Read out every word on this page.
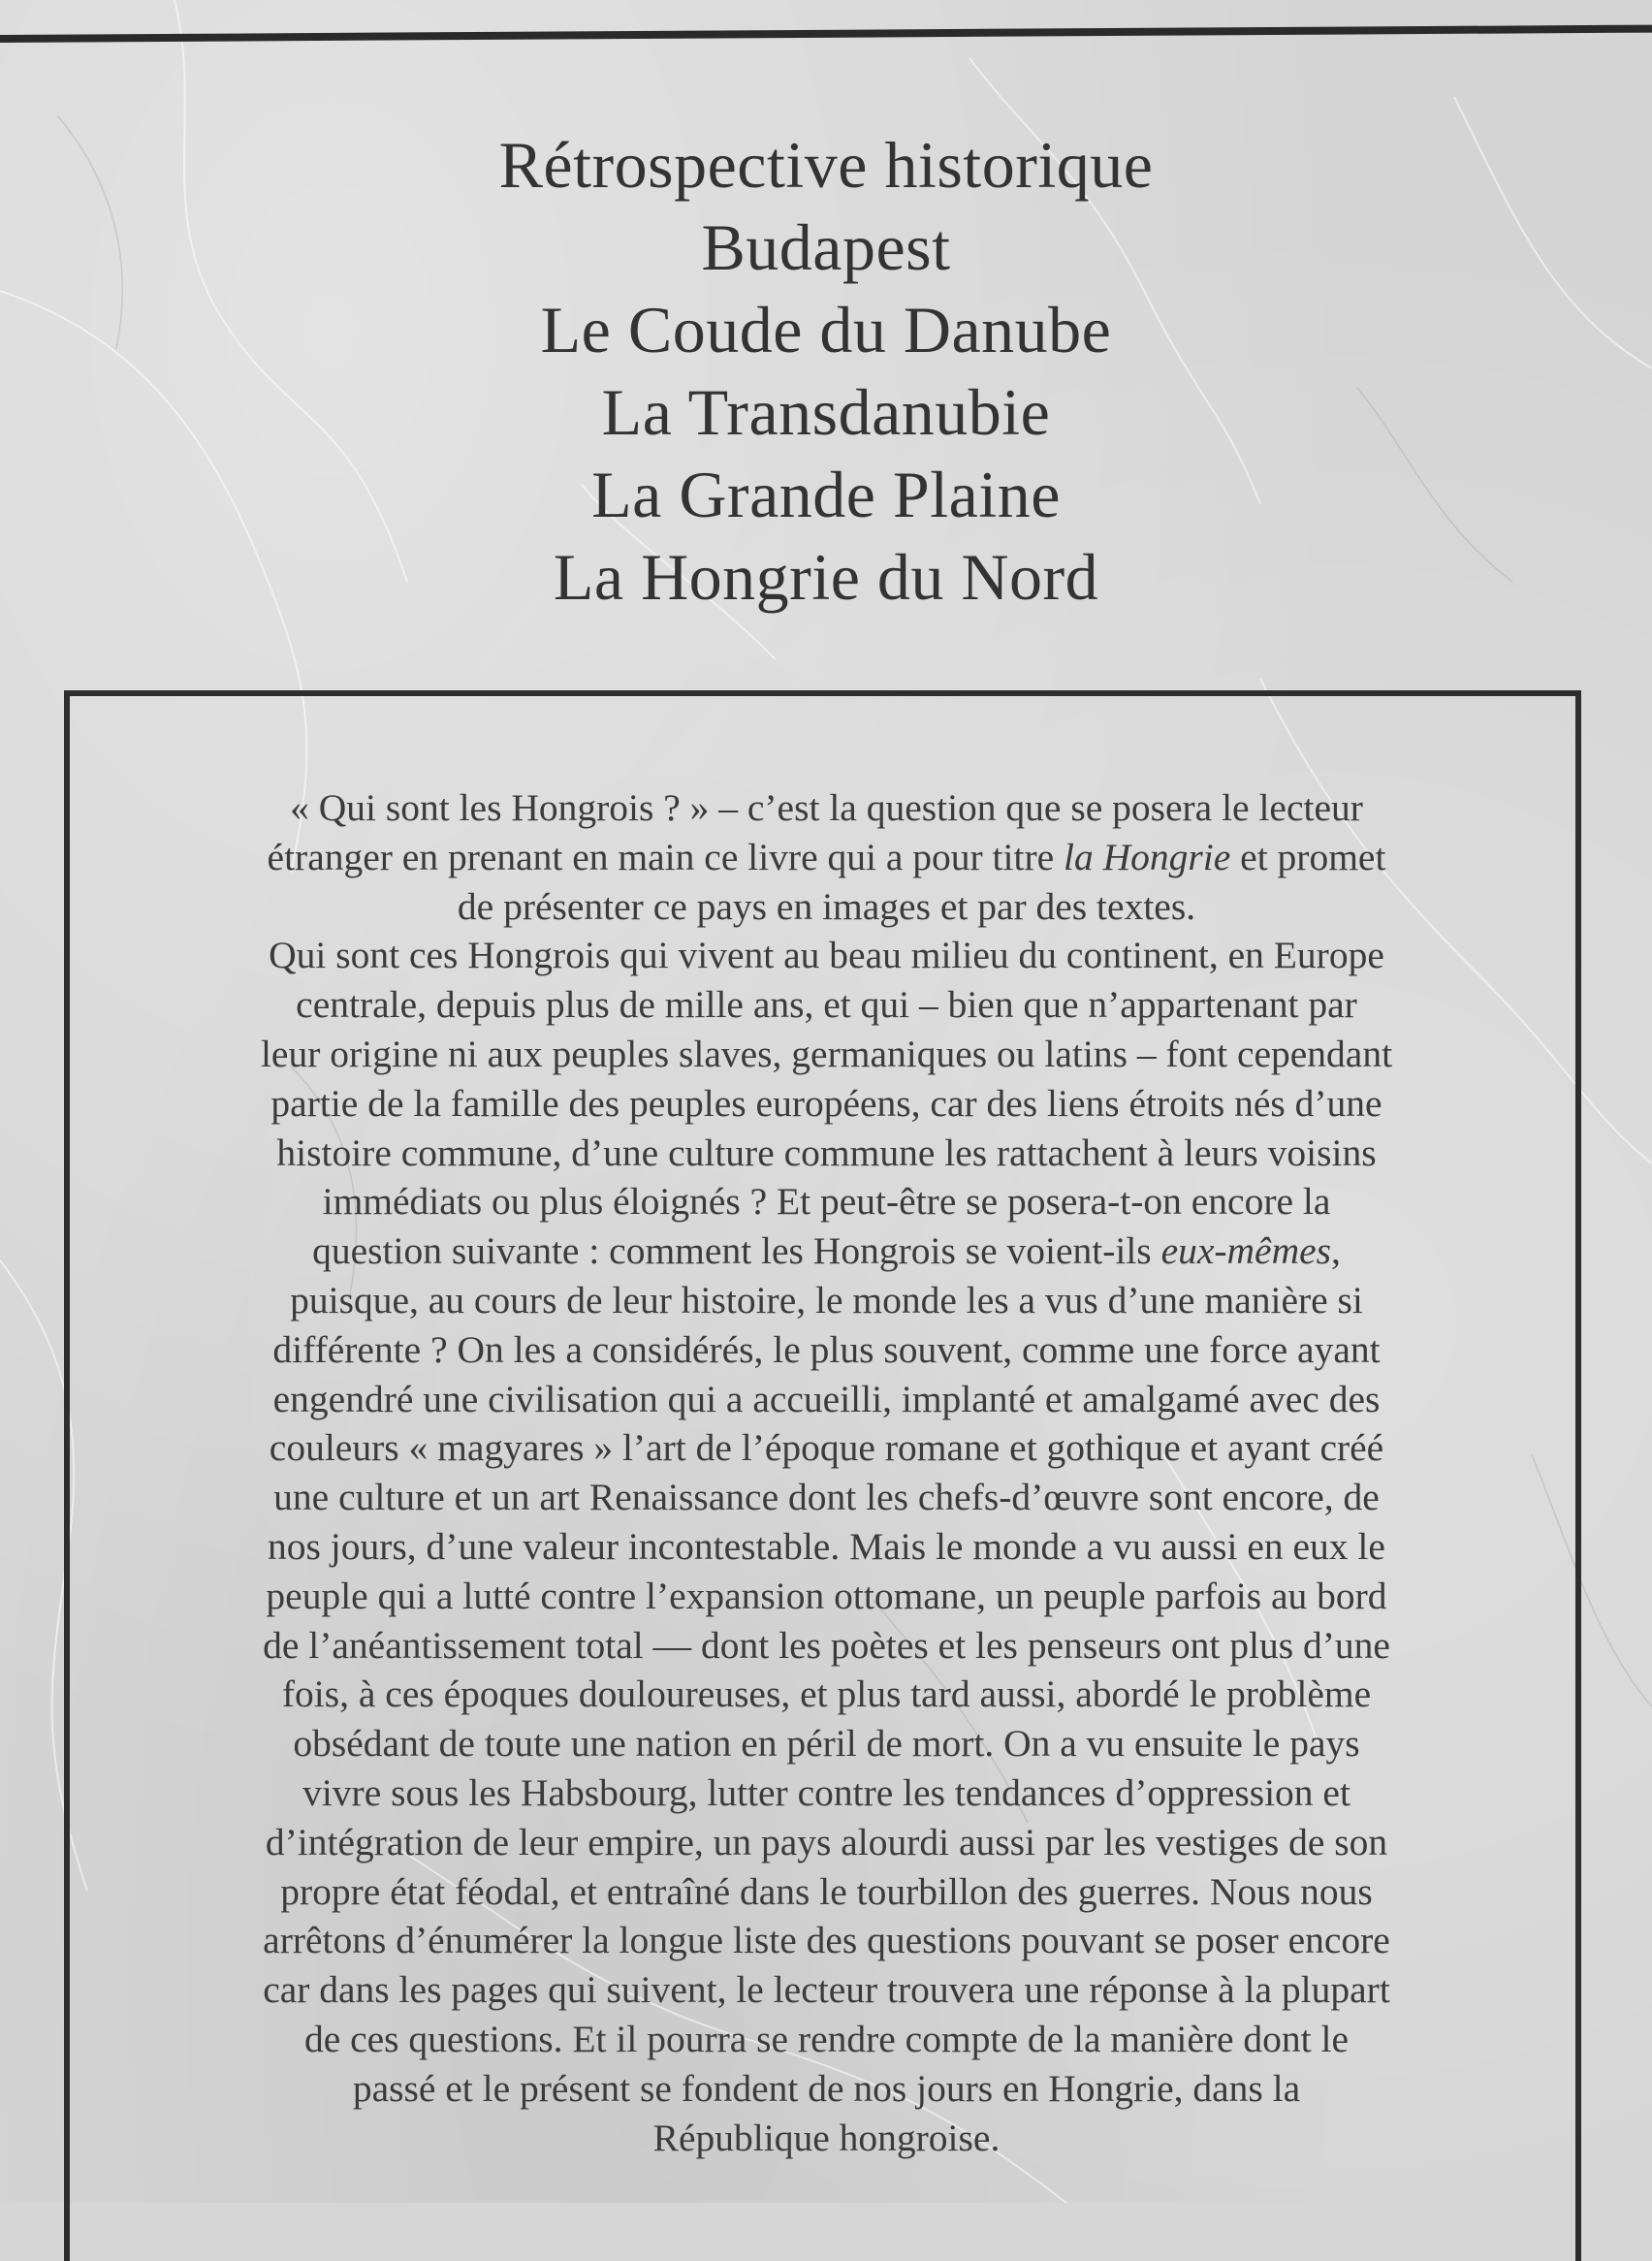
Rétrospective historique
Budapest
Le Coude du Danube
La Transdanubie
La Grande Plaine
La Hongrie du Nord

« Qui sont les Hongrois ? » – c’est la question que se posera le lecteur
étranger en prenant en main ce livre qui a pour titre la Hongrie et promet
de présenter ce pays en images et par des textes.
Qui sont ces Hongrois qui vivent au beau milieu du continent, en Europe
centrale, depuis plus de mille ans, et qui – bien que n’appartenant par
leur origine ni aux peuples slaves, germaniques ou latins – font cependant
partie de la famille des peuples européens, car des liens étroits nés d’une
histoire commune, d’une culture commune les rattachent à leurs voisins
immédiats ou plus éloignés ? Et peut-être se posera-t-on encore la
question suivante : comment les Hongrois se voient-ils eux-mêmes,
puisque, au cours de leur histoire, le monde les a vus d’une manière si
différente ? On les a considérés, le plus souvent, comme une force ayant
engendré une civilisation qui a accueilli, implanté et amalgamé avec des
couleurs « magyares » l’art de l’époque romane et gothique et ayant créé
une culture et un art Renaissance dont les chefs-d’œuvre sont encore, de
nos jours, d’une valeur incontestable. Mais le monde a vu aussi en eux le
peuple qui a lutté contre l’expansion ottomane, un peuple parfois au bord
de l’anéantissement total — dont les poètes et les penseurs ont plus d’une
fois, à ces époques douloureuses, et plus tard aussi, abordé le problème
obsédant de toute une nation en péril de mort. On a vu ensuite le pays
vivre sous les Habsbourg, lutter contre les tendances d’oppression et
d’intégration de leur empire, un pays alourdi aussi par les vestiges de son
propre état féodal, et entraîné dans le tourbillon des guerres. Nous nous
arrêtons d’énumérer la longue liste des questions pouvant se poser encore
car dans les pages qui suivent, le lecteur trouvera une réponse à la plupart
de ces questions. Et il pourra se rendre compte de la manière dont le
passé et le présent se fondent de nos jours en Hongrie, dans la
République hongroise.
